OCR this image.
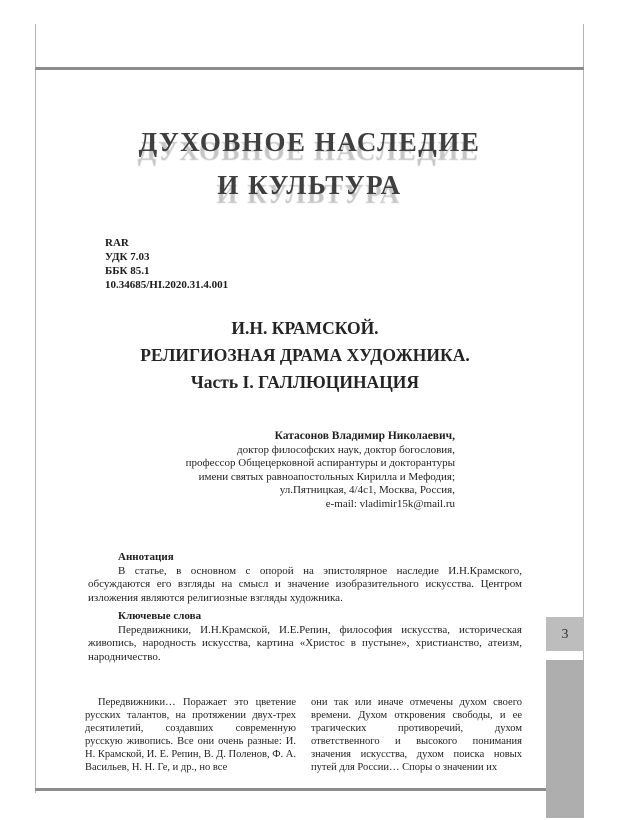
ДУХОВНОЕ НАСЛЕДИЕ
И КУЛЬТУРА
RAR
УДК 7.03
ББК 85.1
10.34685/HI.2020.31.4.001
И.Н. КРАМСКОЙ.
РЕЛИГИОЗНАЯ ДРАМА ХУДОЖНИКА.
Часть I. ГАЛЛЮЦИНАЦИЯ
Катасонов Владимир Николаевич,
доктор философских наук, доктор богословия,
профессор Общецерковной аспирантуры и докторантуры
имени святых равноапостольных Кирилла и Мефодия;
ул.Пятницкая, 4/4с1, Москва, Россия,
e-mail: vladimir15k@mail.ru
Аннотация

В статье, в основном с опорой на эпистолярное наследие И.Н.Крамского, обсуждаются его взгляды на смысл и значение изобразительного искусства. Центром изложения являются религиозные взгляды художника.

Ключевые слова

Передвижники, И.Н.Крамской, И.Е.Репин, философия искусства, историческая живопись, народность искусства, картина «Христос в пустыне», христианство, атеизм, народничество.

Передвижники… Поражает это цветение русских талантов, на протяжении двух-трех десятилетий, создавших современную русскую живопись. Все они очень разные: И. Н. Крамской, И. Е. Репин, В. Д. Поленов, Ф. А. Васильев, Н. Н. Ге, и др., но все

они так или иначе отмечены духом своего времени. Духом откровения свободы, и ее трагических противоречий, духом ответственного и высокого понимания значения искусства, духом поиска новых путей для России… Споры о значении их

3
